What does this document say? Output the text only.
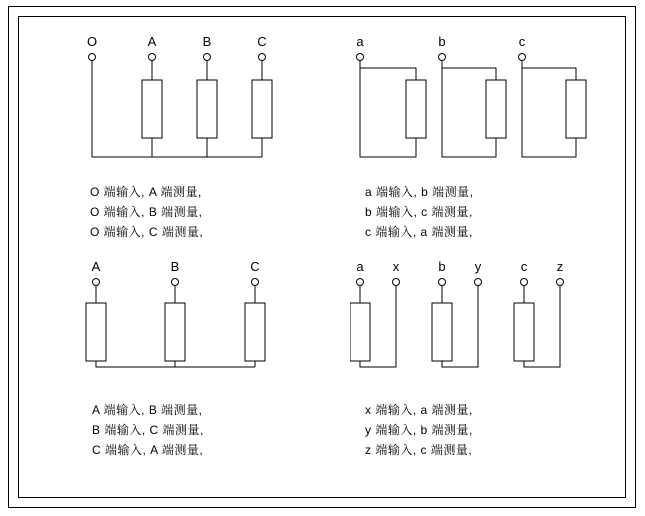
O	A	B	C
O 端输入, A 端测量,
O 端输入, B 端测量,
O 端输入, C 端测量,
a	b	c
a 端输入, b 端测量,
b 端输入, c 端测量,
c 端输入, a 端测量,
A	B	C
A 端输入, B 端测量,
B 端输入, C 端测量,
C 端输入, A 端测量,
a x	b y	c z
x 端输入, a 端测量,
y 端输入, b 端测量,
z 端输入, c 端测量,
